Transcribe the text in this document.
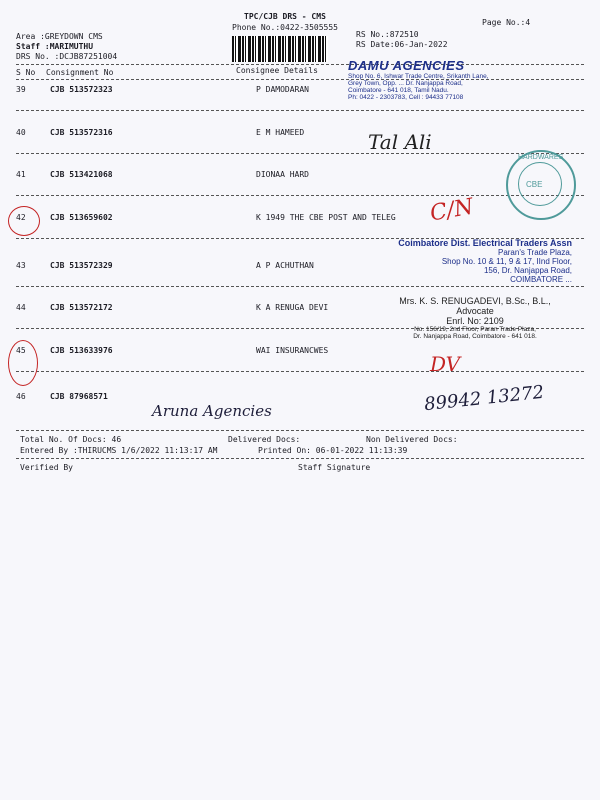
TPC/CJB DRS - CMS
Phone No.:0422-3505555
Page No.:4
RS No.:872510
RS Date:06-Jan-2022
Area :GREYDOWN CMS
Staff :MARIMUTHU
DRS No. :DCJB87251004
S No Consignment No	Consignee Details
39	CJB 513572323	P DAMODARAN
40	CJB 513572316	E M HAMEED
41	CJB 513421068	DIONAA HARD
42	CJB 513659602	K 1949 THE CBE POST AND TELEG
43	CJB 513572329	A P ACHUTHAN
44	CJB 513572172	K A RENUGA DEVI
45	CJB 513633976	WAI INSURANCWES
46	CJB 87968571
Total No. Of Docs: 46	Delivered Docs:	Non Delivered Docs:
Entered By :THIRUCMS 1/6/2022 11:13:17 AM	Printed On: 06-01-2022 11:13:39
Verified By	Staff Signature
DAMU AGENCIES
Shop No. 6, Ishwar Trade Centre, Srikanth Lane,
Grey Town, Opp. ... Dr. Nanjappa Road,
Coimbatore - 641 018, Tamil Nadu.
Ph: 0422 - 2303783, Cell : 94433 77108
HARDWARES
CBE
Coimbatore Dist. Electrical Traders Assn
Paran's Trade Plaza,
Shop No. 10 & 11, 9 & 17, IInd Floor,
156, Dr. Nanjappa Road,
COIMBATORE ...
Mrs. K. S. RENUGADEVI, B.Sc., B.L.,
Advocate
Enrl. No: 2109
No. 156/19, 2nd Floor, Paran Trade Plaza,
Dr. Nanjappa Road, Coimbatore - 641 018.
Tal Ali
C/N
DV
Aruna Agencies	89942 13272
